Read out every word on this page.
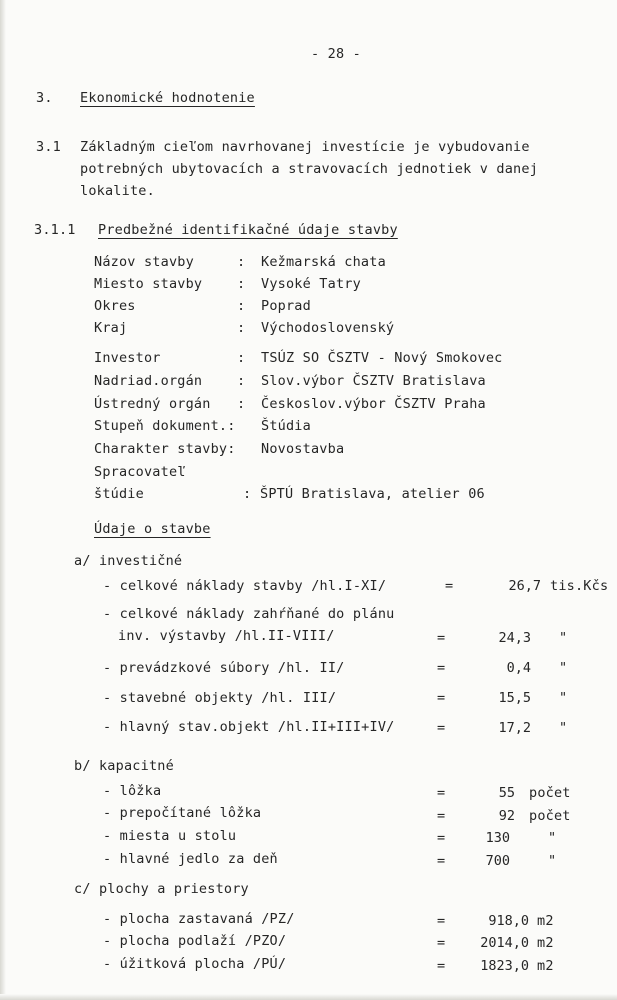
- 28 -
3. Ekonomické hodnotenie
3.1 Základným cieľom navrhovanej investície je vybudovanie
potrebných ubytovacích a stravovacích jednotiek v danej
lokalite.
3.1.1 Predbežné identifikačné údaje stavby
Názov stavby	: Kežmarská chata
Miesto stavby	: Vysoké Tatry
Okres	: Poprad
Kraj	: Východoslovenský
Investor	: TSÚZ SO ČSZTV - Nový Smokovec
Nadriad.orgán	: Slov.výbor ČSZTV Bratislava
Ústredný orgán : Českoslov.výbor ČSZTV Praha
Stupeň dokument.: Štúdia
Charakter stavby: Novostavba
Spracovateľ
štúdie	: ŠPTÚ Bratislava, atelier 06
Údaje o stavbe
a/ investičné
- celkové náklady stavby /hl.I-XI/	=	26,7 tis.Kčs
- celkové náklady zahŕňané do plánu
inv. výstavby /hl.II-VIII/	=	24,3 "
- prevádzkové súbory /hl. II/	=	0,4 "
- stavebné objekty /hl. III/	=	15,5 "
- hlavný stav.objekt /hl.II+III+IV/	=	17,2 "
b/ kapacitné
- lôžka	=	55 počet
- prepočítané lôžka	=	92 počet
- miesta u stolu	=	130	"
- hlavné jedlo za deň	=	700	"
c/ plochy a priestory
- plocha zastavaná /PZ/	=	918,0 m2
- plocha podlaží /PZO/	=	2014,0 m2
- úžitková plocha /PÚ/	=	1823,0 m2
